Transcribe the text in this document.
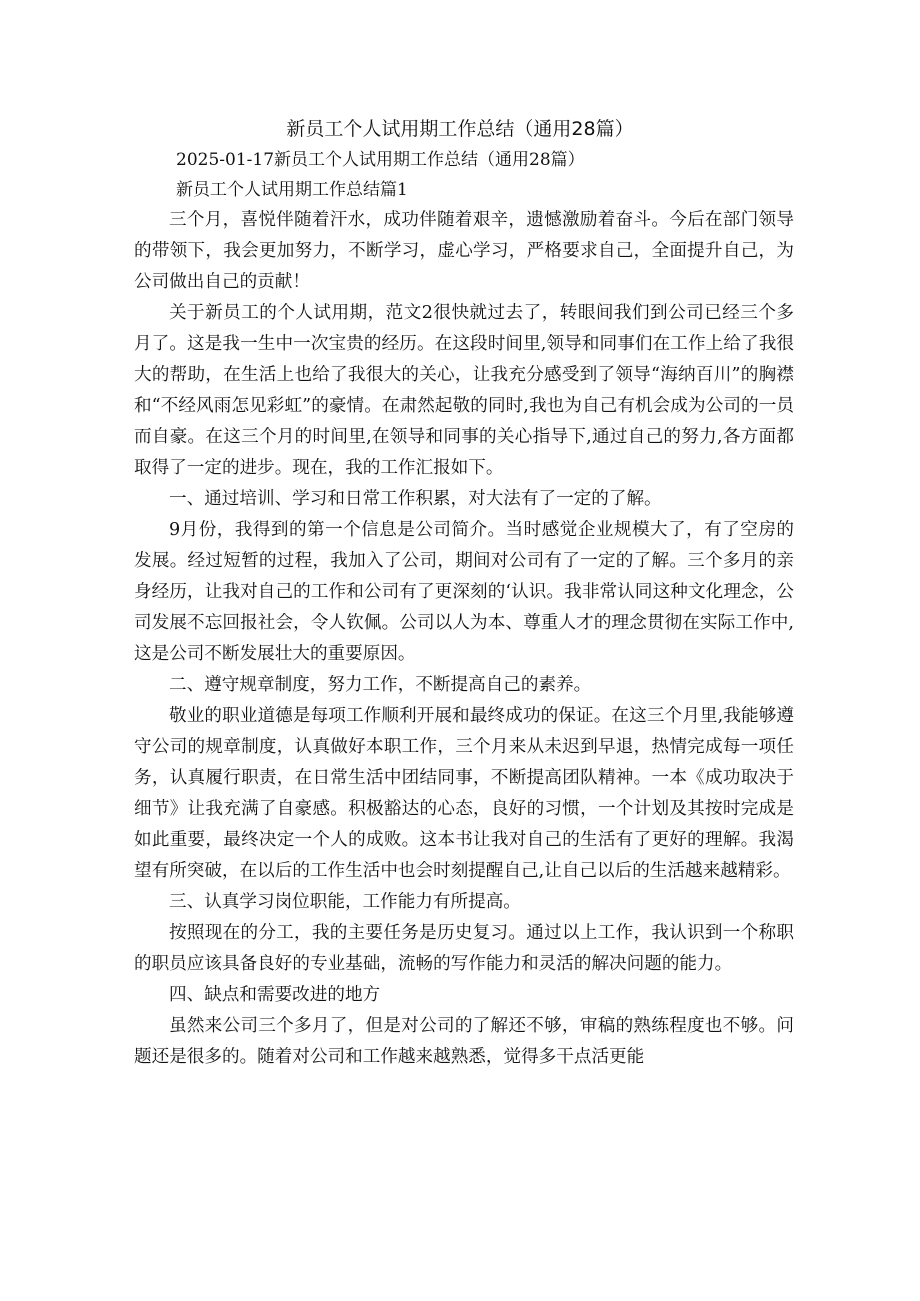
新员工个人试用期工作总结（通用28篇）
2025-01-17新员工个人试用期工作总结（通用28篇）
新员工个人试用期工作总结篇1

三个月，喜悦伴随着汗水，成功伴随着艰辛，遗憾激励着奋斗。今后在部门领导的带领下，我会更加努力，不断学习，虚心学习，严格要求自己，全面提升自己，为公司做出自己的贡献！

关于新员工的个人试用期，范文2很快就过去了，转眼间我们到公司已经三个多月了。这是我一生中一次宝贵的经历。在这段时间里,领导和同事们在工作上给了我很大的帮助，在生活上也给了我很大的关心，让我充分感受到了领导“海纳百川”的胸襟和“不经风雨怎见彩虹”的豪情。在肃然起敬的同时,我也为自己有机会成为公司的一员而自豪。在这三个月的时间里,在领导和同事的关心指导下,通过自己的努力,各方面都取得了一定的进步。现在，我的工作汇报如下。

一、通过培训、学习和日常工作积累，对大法有了一定的了解。

9月份，我得到的第一个信息是公司简介。当时感觉企业规模大了，有了空房的发展。经过短暂的过程，我加入了公司，期间对公司有了一定的了解。三个多月的亲身经历，让我对自己的工作和公司有了更深刻的‘认识。我非常认同这种文化理念，公司发展不忘回报社会，令人钦佩。公司以人为本、尊重人才的理念贯彻在实际工作中,这是公司不断发展壮大的重要原因。

二、遵守规章制度，努力工作，不断提高自己的素养。

敬业的职业道德是每项工作顺利开展和最终成功的保证。在这三个月里,我能够遵守公司的规章制度，认真做好本职工作，三个月来从未迟到早退，热情完成每一项任务，认真履行职责，在日常生活中团结同事，不断提高团队精神。一本《成功取决于细节》让我充满了自豪感。积极豁达的心态，良好的习惯，一个计划及其按时完成是如此重要，最终决定一个人的成败。这本书让我对自己的生活有了更好的理解。我渴望有所突破，在以后的工作生活中也会时刻提醒自己,让自己以后的生活越来越精彩。

三、认真学习岗位职能，工作能力有所提高。

按照现在的分工，我的主要任务是历史复习。通过以上工作，我认识到一个称职的职员应该具备良好的专业基础，流畅的写作能力和灵活的解决问题的能力。

四、缺点和需要改进的地方

虽然来公司三个多月了，但是对公司的了解还不够，审稿的熟练程度也不够。问题还是很多的。随着对公司和工作越来越熟悉，觉得多干点活更能
